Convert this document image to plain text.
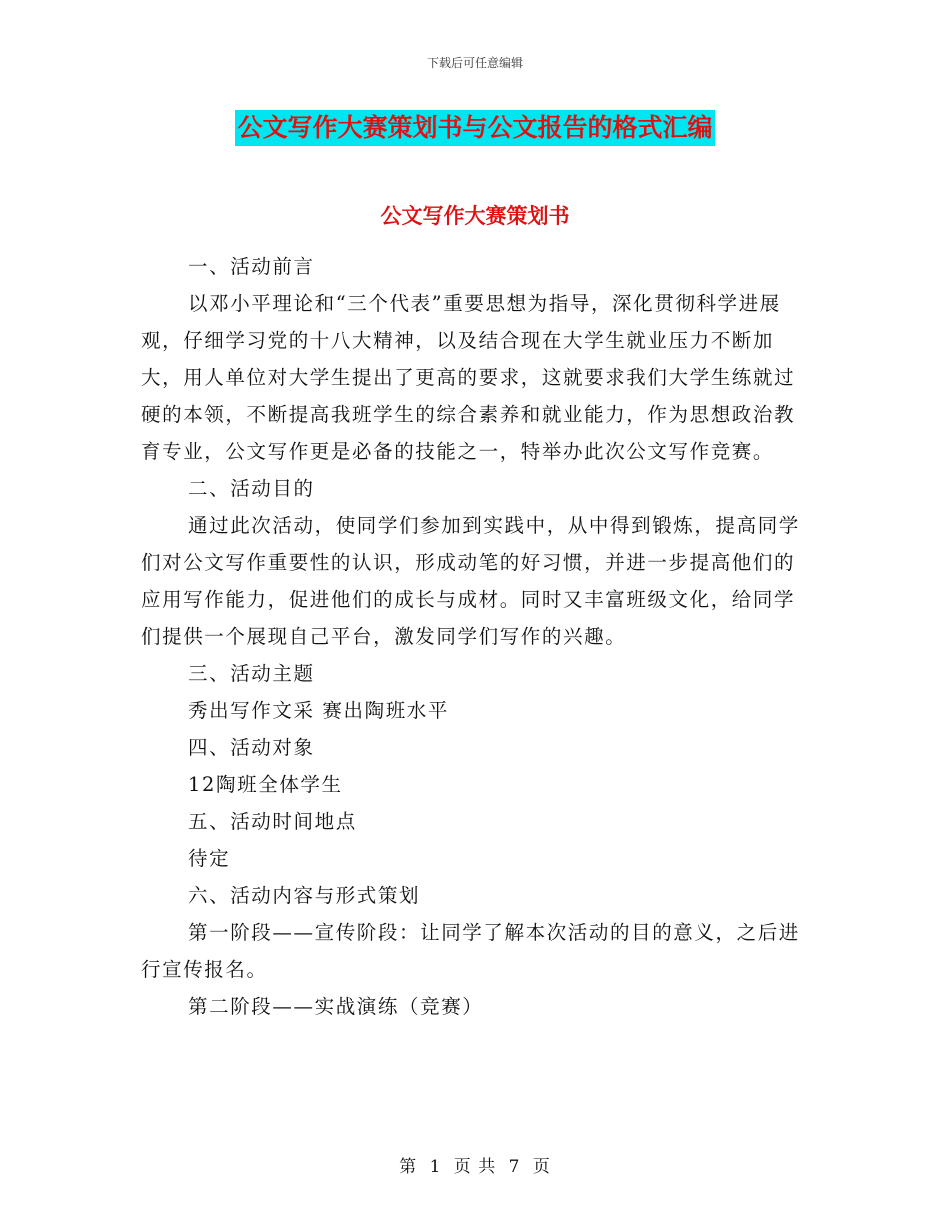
下载后可任意编辑
公文写作大赛策划书与公文报告的格式汇编
公文写作大赛策划书

一、活动前言

以邓小平理论和“三个代表”重要思想为指导，深化贯彻科学进展观，仔细学习党的十八大精神，以及结合现在大学生就业压力不断加大，用人单位对大学生提出了更高的要求，这就要求我们大学生练就过硬的本领，不断提高我班学生的综合素养和就业能力，作为思想政治教育专业，公文写作更是必备的技能之一，特举办此次公文写作竞赛。

二、活动目的

通过此次活动，使同学们参加到实践中，从中得到锻炼，提高同学们对公文写作重要性的认识，形成动笔的好习惯，并进一步提高他们的应用写作能力，促进他们的成长与成材。同时又丰富班级文化，给同学们提供一个展现自己平台，激发同学们写作的兴趣。

三、活动主题

秀出写作文采 赛出陶班水平

四、活动对象

12陶班全体学生

五、活动时间地点

待定

六、活动内容与形式策划

第一阶段——宣传阶段：让同学了解本次活动的目的意义，之后进行宣传报名。

第二阶段——实战演练（竞赛）

第 1 页 共 7 页
